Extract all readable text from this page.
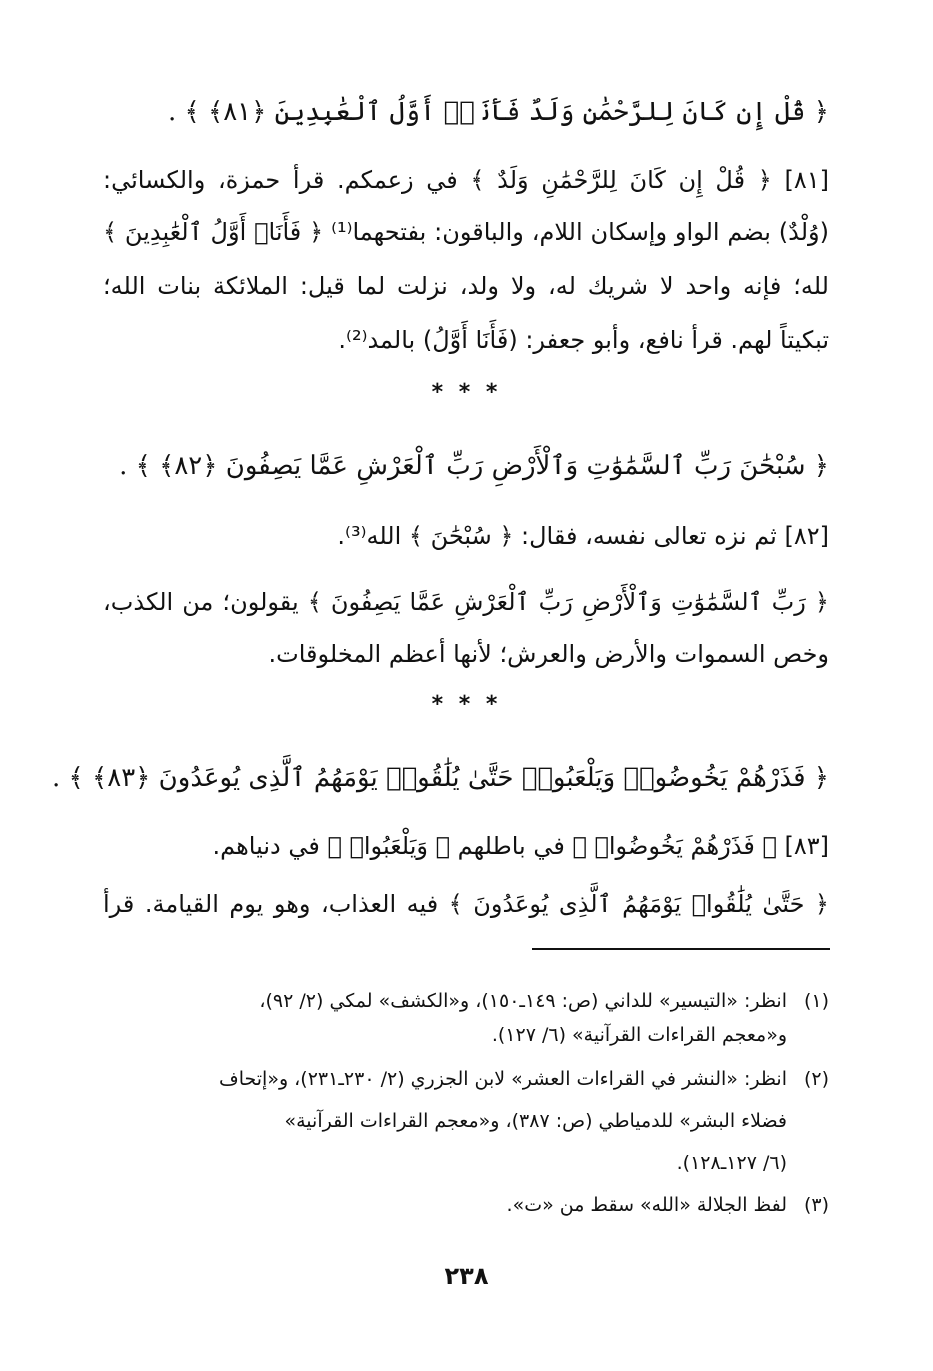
﴿ قُلْ إِن كَانَ لِلرَّحْمَٰنِ وَلَدٌ فَأَنَا۠ أَوَّلُ ٱلْعَٰبِدِينَ ﴿٨١﴾ ﴾ .
[٨١] ﴿ قُلْ إِن كَانَ لِلرَّحْمَٰنِ وَلَدٌ ﴾ في زعمكم. قرأ حمزة، والكسائي:
(وُلْدٌ) بضم الواو وإسكان اللام، والباقون: بفتحهما⁽¹⁾ ﴿ فَأَنَا۠ أَوَّلُ ٱلْعَٰبِدِينَ ﴾
لله؛ فإنه واحد لا شريك له، ولا ولد، نزلت لما قيل: الملائكة بنات الله؛
تبكيتاً لهم. قرأ نافع، وأبو جعفر: (فَأَنَا أَوَّلُ) بالمد⁽²⁾.
* * *
﴿ سُبْحَٰنَ رَبِّ ٱلسَّمَٰوَٰتِ وَٱلْأَرْضِ رَبِّ ٱلْعَرْشِ عَمَّا يَصِفُونَ ﴿٨٢﴾ ﴾ .
[٨٢] ثم نزه تعالى نفسه، فقال: ﴿ سُبْحَٰنَ ﴾ الله⁽³⁾.
﴿ رَبِّ ٱلسَّمَٰوَٰتِ وَٱلْأَرْضِ رَبِّ ٱلْعَرْشِ عَمَّا يَصِفُونَ ﴾ يقولون؛ من الكذب،
وخص السموات والأرض والعرش؛ لأنها أعظم المخلوقات.
* * *
﴿ فَذَرْهُمْ يَخُوضُوا۟ وَيَلْعَبُوا۟ حَتَّىٰ يُلَٰقُوا۟ يَوْمَهُمُ ٱلَّذِى يُوعَدُونَ ﴿٨٣﴾ ﴾ .
[٨٣] ﴿ فَذَرْهُمْ يَخُوضُوا۟ ﴾ في باطلهم ﴿ وَيَلْعَبُوا۟ ﴾ في دنياهم.
﴿ حَتَّىٰ يُلَٰقُوا۟ يَوْمَهُمُ ٱلَّذِى يُوعَدُونَ ﴾ فيه العذاب، وهو يوم القيامة. قرأ
(١)انظر: «التيسير» للداني (ص: ١٤٩ـ١٥٠)، و«الكشف» لمكي (٢/ ٩٢)،
و«معجم القراءات القرآنية» (٦/ ١٢٧).
(٢)انظر: «النشر في القراءات العشر» لابن الجزري (٢/ ٢٣٠ـ٢٣١)، و«إتحاف
فضلاء البشر» للدمياطي (ص: ٣٨٧)، و«معجم القراءات القرآنية»
(٦/ ١٢٧ـ١٢٨).
(٣)لفظ الجلالة «الله» سقط من «ت».
٢٣٨
